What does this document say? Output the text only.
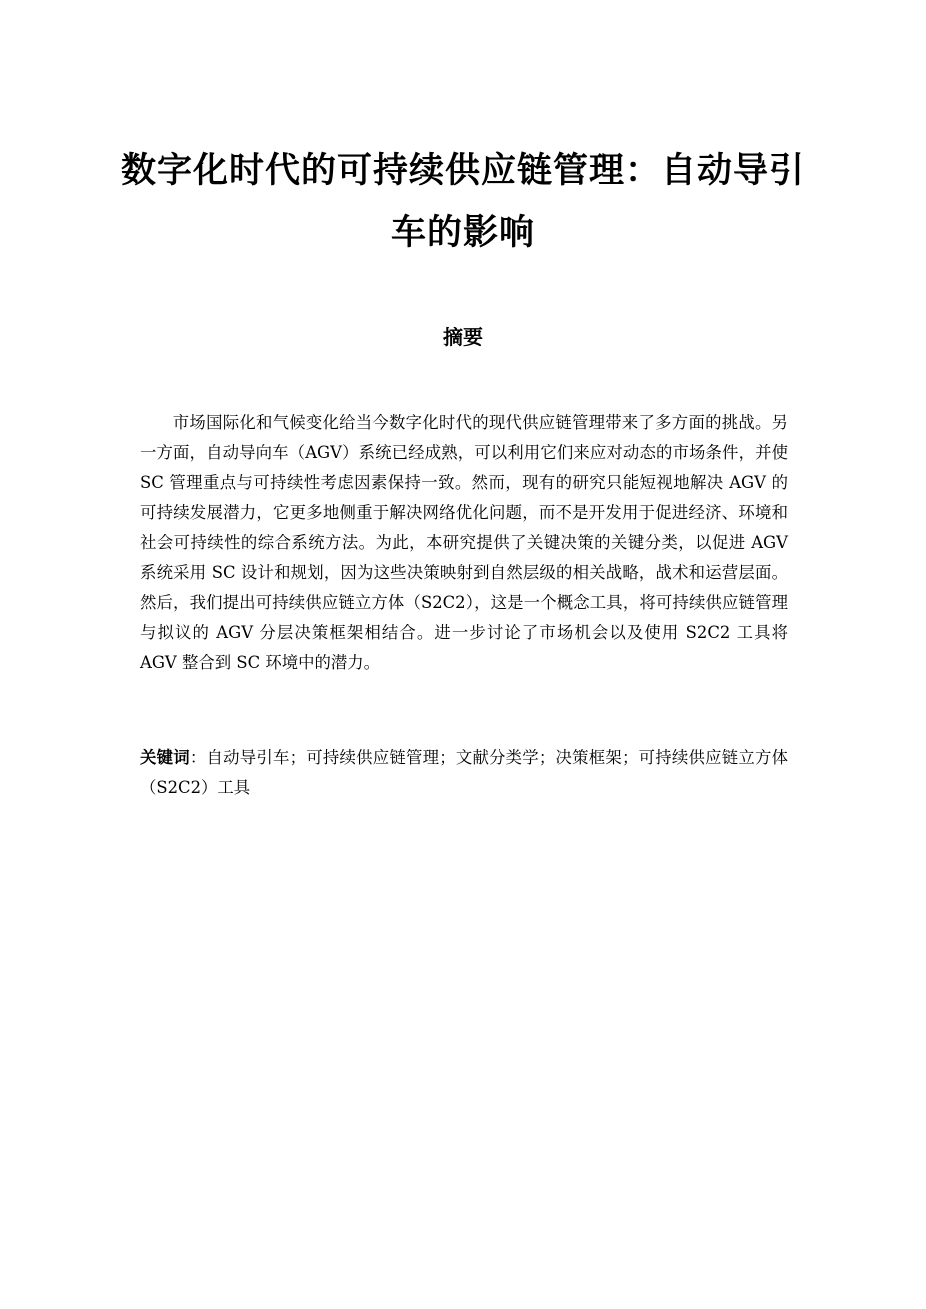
数字化时代的可持续供应链管理：自动导引车的影响
摘要

市场国际化和气候变化给当今数字化时代的现代供应链管理带来了多方面的挑战。另一方面，自动导向车（AGV）系统已经成熟，可以利用它们来应对动态的市场条件，并使 SC 管理重点与可持续性考虑因素保持一致。然而，现有的研究只能短视地解决 AGV 的可持续发展潜力，它更多地侧重于解决网络优化问题，而不是开发用于促进经济、环境和社会可持续性的综合系统方法。为此，本研究提供了关键决策的关键分类，以促进 AGV 系统采用 SC 设计和规划，因为这些决策映射到自然层级的相关战略，战术和运营层面。然后，我们提出可持续供应链立方体（S2C2），这是一个概念工具，将可持续供应链管理与拟议的 AGV 分层决策框架相结合。进一步讨论了市场机会以及使用 S2C2 工具将 AGV 整合到 SC 环境中的潜力。

关键词：自动导引车；可持续供应链管理；文献分类学；决策框架；可持续供应链立方体（S2C2）工具
